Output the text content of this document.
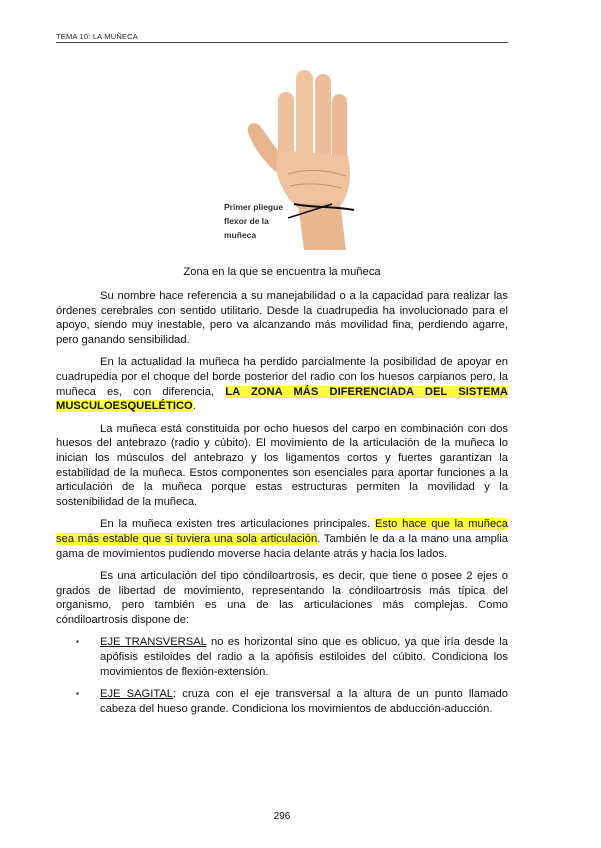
TEMA 10: LA MUÑECA
Primer pliegue
flexor de la
muñeca
Zona en la que se encuentra la muñeca

Su nombre hace referencia a su manejabilidad o a la capacidad para realizar las órdenes cerebrales con sentido utilitario. Desde la cuadrupedia ha involucionado para el apoyo, siendo muy inestable, pero va alcanzando más movilidad fina, perdiendo agarre, pero ganando sensibilidad.

En la actualidad la muñeca ha perdido parcialmente la posibilidad de apoyar en cuadrupedia por el choque del borde posterior del radio con los huesos carpianos pero, la muñeca es, con diferencia, LA ZONA MÁS DIFERENCIADA DEL SISTEMA MUSCULOESQUELÉTICO.

La muñeca está constituida por ocho huesos del carpo en combinación con dos huesos del antebrazo (radio y cúbito). El movimiento de la articulación de la muñeca lo inician los músculos del antebrazo y los ligamentos cortos y fuertes garantizan la estabilidad de la muñeca. Estos componentes son esenciales para aportar funciones a la articulación de la muñeca porque estas estructuras permiten la movilidad y la sostenibilidad de la muñeca.

En la muñeca existen tres articulaciones principales. Esto hace que la muñeca sea más estable que si tuviera una sola articulación. También le da a la mano una amplia gama de movimientos pudiendo moverse hacia delante atrás y hacia los lados.

Es una articulación del tipo cóndiloartrosis, es decir, que tiene o posee 2 ejes o grados de libertad de movimiento, representando la cóndiloartrosis más típica del organismo, pero también es una de las articulaciones más complejas. Como cóndiloartrosis dispone de:

▪ EJE TRANSVERSAL no es horizontal sino que es oblicuo, ya que iría desde la apófisis estiloides del radio a la apófisis estiloides del cúbito. Condiciona los movimientos de flexión-extensión.
▪ EJE SAGITAL: cruza con el eje transversal a la altura de un punto llamado cabeza del hueso grande. Condiciona los movimientos de abducción-aducción.
296
